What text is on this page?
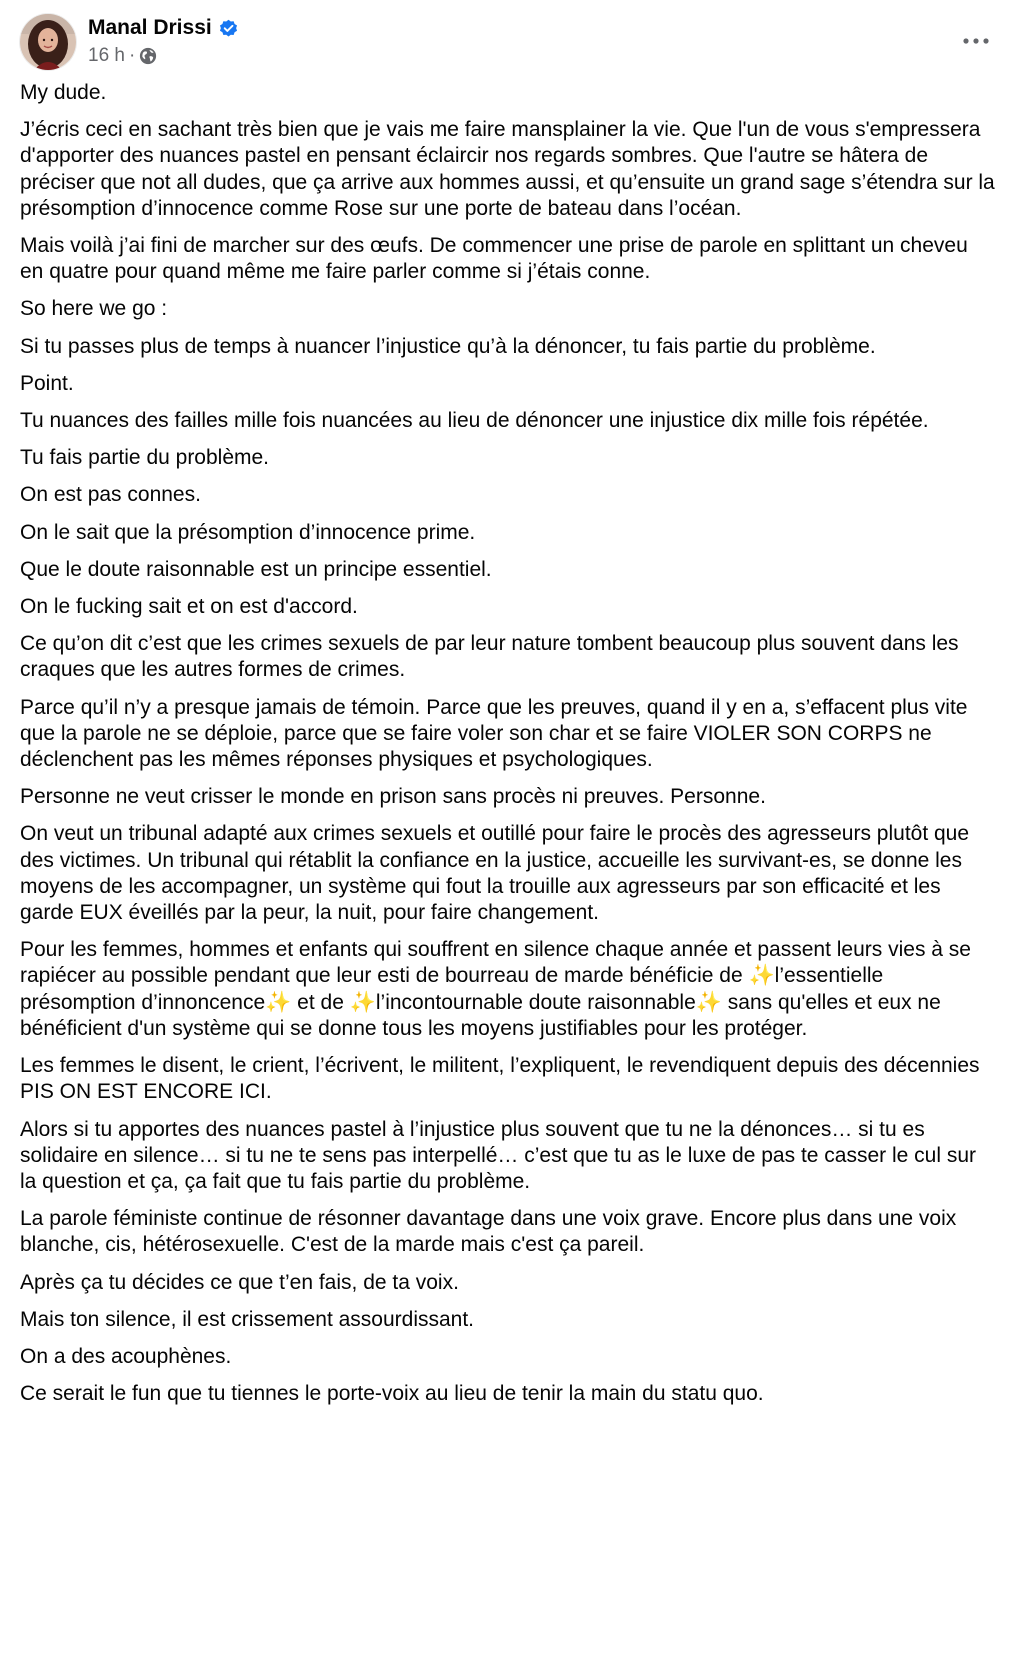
Manal Drissi
16 h ·

My dude.

J’écris ceci en sachant très bien que je vais me faire mansplainer la vie. Que l'un de vous s'empressera d'apporter des nuances pastel en pensant éclaircir nos regards sombres. Que l'autre se hâtera de préciser que not all dudes, que ça arrive aux hommes aussi, et qu’ensuite un grand sage s’étendra sur la présomption d’innocence comme Rose sur une porte de bateau dans l’océan.

Mais voilà j’ai fini de marcher sur des œufs. De commencer une prise de parole en splittant un cheveu en quatre pour quand même me faire parler comme si j’étais conne.

So here we go :

Si tu passes plus de temps à nuancer l’injustice qu’à la dénoncer, tu fais partie du problème.

Point.

Tu nuances des failles mille fois nuancées au lieu de dénoncer une injustice dix mille fois répétée.

Tu fais partie du problème.

On est pas connes.

On le sait que la présomption d’innocence prime.

Que le doute raisonnable est un principe essentiel.

On le fucking sait et on est d'accord.

Ce qu’on dit c’est que les crimes sexuels de par leur nature tombent beaucoup plus souvent dans les craques que les autres formes de crimes.

Parce qu’il n’y a presque jamais de témoin. Parce que les preuves, quand il y en a, s’effacent plus vite que la parole ne se déploie, parce que se faire voler son char et se faire VIOLER SON CORPS ne déclenchent pas les mêmes réponses physiques et psychologiques.

Personne ne veut crisser le monde en prison sans procès ni preuves. Personne.

On veut un tribunal adapté aux crimes sexuels et outillé pour faire le procès des agresseurs plutôt que des victimes. Un tribunal qui rétablit la confiance en la justice, accueille les survivant-es, se donne les moyens de les accompagner, un système qui fout la trouille aux agresseurs par son efficacité et les garde EUX éveillés par la peur, la nuit, pour faire changement.

Pour les femmes, hommes et enfants qui souffrent en silence chaque année et passent leurs vies à se rapiécer au possible pendant que leur esti de bourreau de marde bénéficie de ✨l’essentielle présomption d’innoncence✨ et de ✨l’incontournable doute raisonnable✨ sans qu'elles et eux ne bénéficient d'un système qui se donne tous les moyens justifiables pour les protéger.

Les femmes le disent, le crient, l’écrivent, le militent, l’expliquent, le revendiquent depuis des décennies PIS ON EST ENCORE ICI.

Alors si tu apportes des nuances pastel à l’injustice plus souvent que tu ne la dénonces… si tu es solidaire en silence… si tu ne te sens pas interpellé… c’est que tu as le luxe de pas te casser le cul sur la question et ça, ça fait que tu fais partie du problème.

La parole féministe continue de résonner davantage dans une voix grave. Encore plus dans une voix blanche, cis, hétérosexuelle. C'est de la marde mais c'est ça pareil.

Après ça tu décides ce que t’en fais, de ta voix.

Mais ton silence, il est crissement assourdissant.

On a des acouphènes.

Ce serait le fun que tu tiennes le porte-voix au lieu de tenir la main du statu quo.
